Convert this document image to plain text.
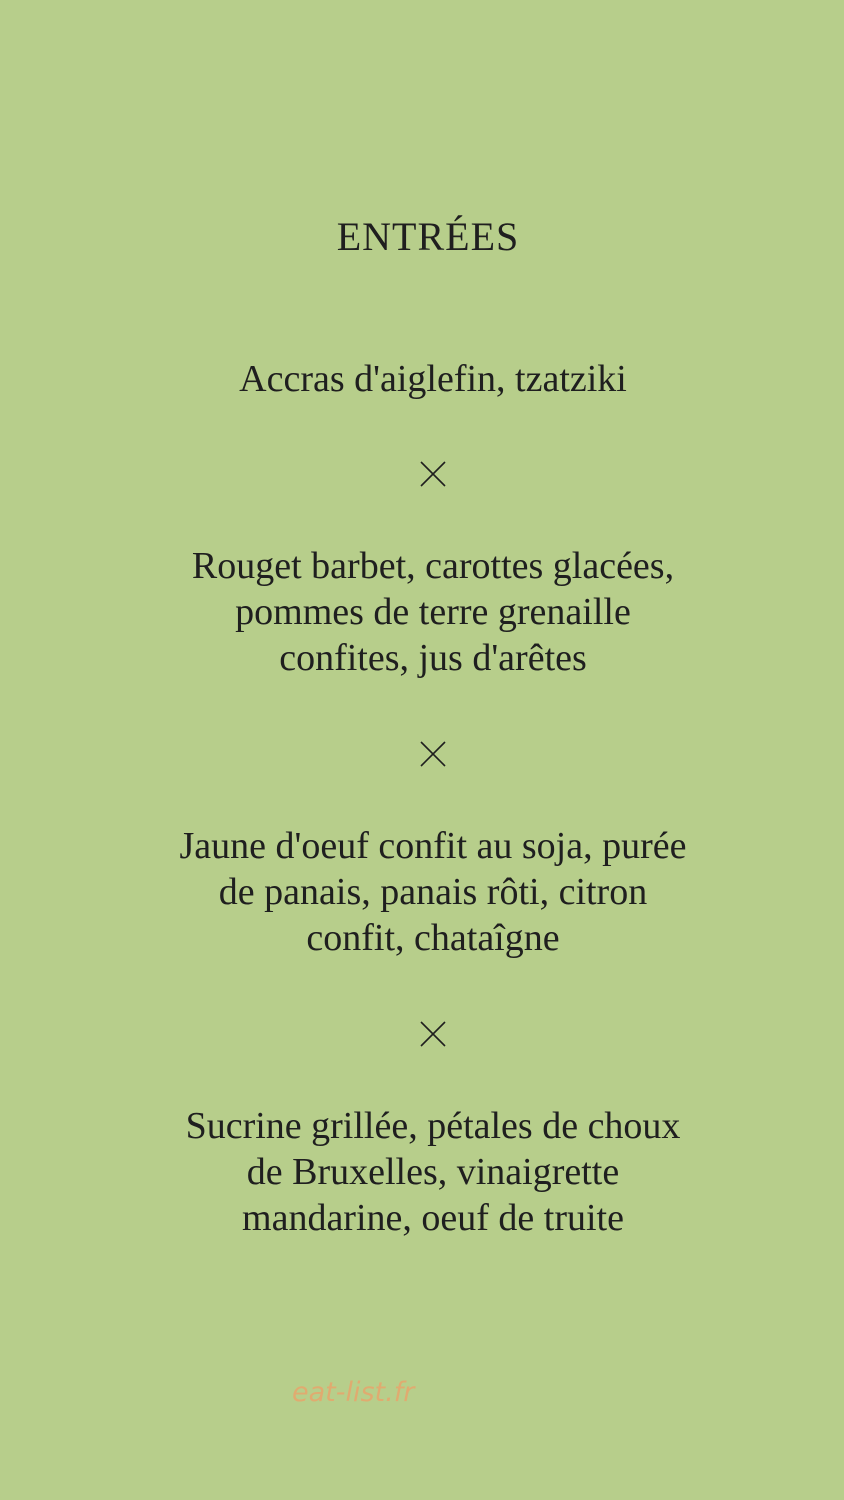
ENTRÉES
Accras d'aiglefin, tzatziki
Rouget barbet, carottes glacées,
pommes de terre grenaille
confites, jus d'arêtes
Jaune d'oeuf confit au soja, purée
de panais, panais rôti, citron
confit, chataîgne
Sucrine grillée, pétales de choux
de Bruxelles, vinaigrette
mandarine, oeuf de truite
eat-list.fr
